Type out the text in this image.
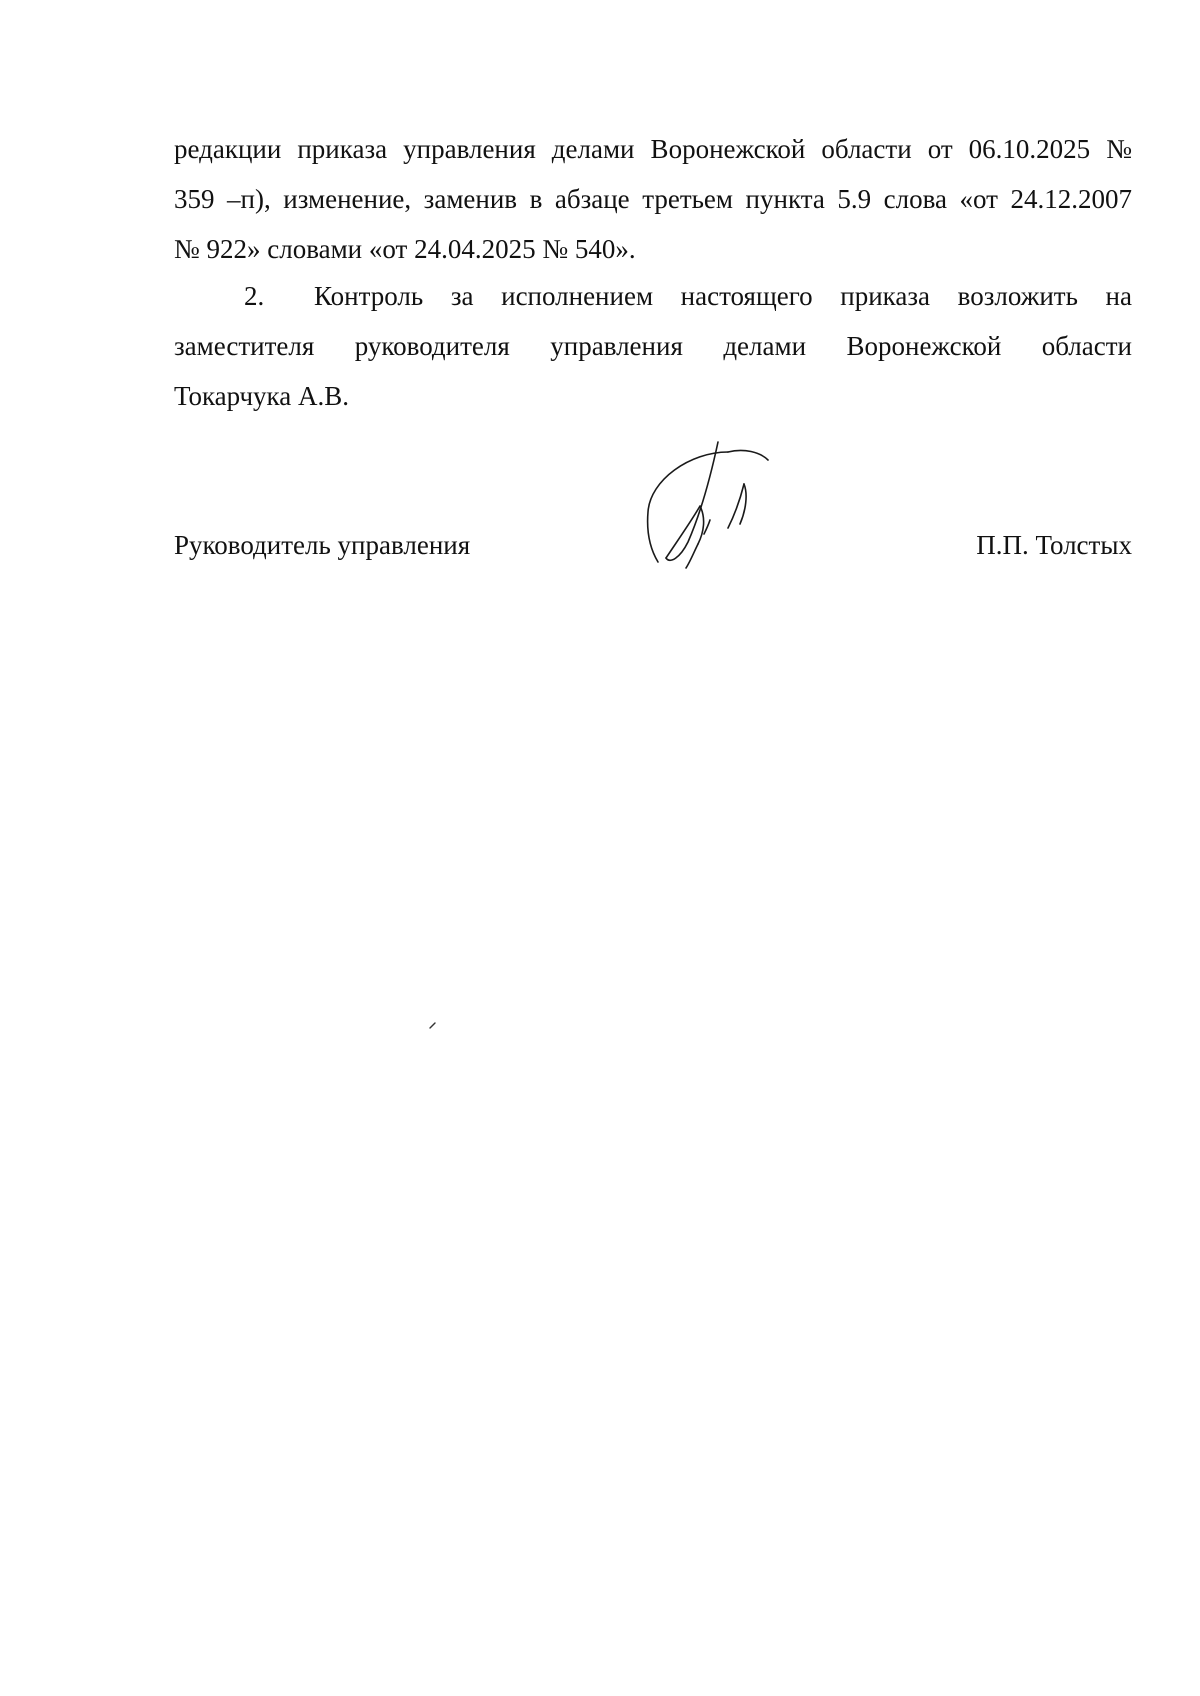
редакции приказа управления делами Воронежской области от 06.10.2025 №
359 –п), изменение, заменив в абзаце третьем пункта 5.9 слова «от 24.12.2007
№ 922» словами «от 24.04.2025 № 540».
2. Контроль за исполнением настоящего приказа возложить на
заместителя руководителя управления делами Воронежской области
Токарчука А.В.
Руководитель управления	П.П. Толстых
